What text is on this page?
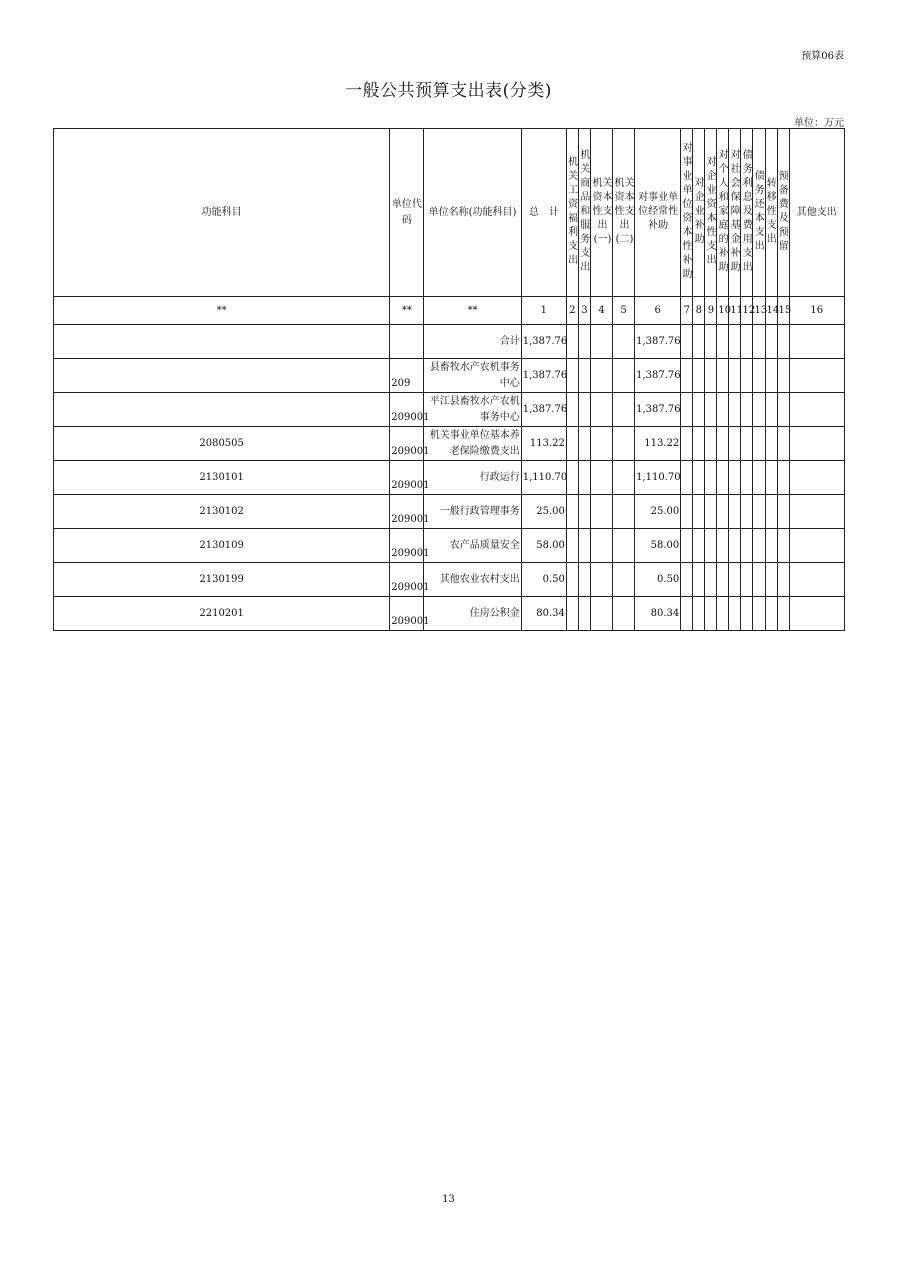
预算06表
一般公共预算支出表(分类)
单位：万元
功能科目	单位代码	单位名称(功能科目)	总　计	机关工资福利支出	机关商品和服务支出	机关资本性支出(一)	机关资本性支出(二)	对事业单位经常性补助	对事业单位资本性补助	对企业补助	对企业资本性支出	对个人和家庭的补助	对社会保障基金补助	债务利息及费用支出	债务还本支出	转移性支出	预备费及预留	其他支出
**	**	**	1	2	3	4	5	6	7	8	9	10	11	12	13	14	15	16
		合计	1,387.76					1,387.76										
	209	县畜牧水产农机事务中心	1,387.76					1,387.76										
	209001	平江县畜牧水产农机事务中心	1,387.76					1,387.76										
2080505	209001	机关事业单位基本养老保险缴费支出	113.22					113.22										
2130101	209001	行政运行	1,110.70					1,110.70										
2130102	209001	一般行政管理事务	25.00					25.00										
2130109	209001	农产品质量安全	58.00					58.00										
2130199	209001	其他农业农村支出	0.50					0.50										
2210201	209001	住房公积金	80.34					80.34										
13
